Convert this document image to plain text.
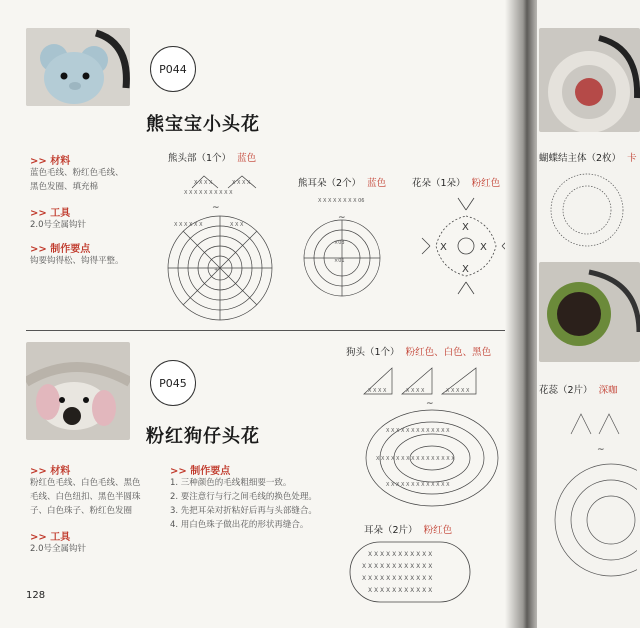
P044
熊宝宝小头花
>> 材料
蓝色毛线、粉红色毛线、
黑色发圈、填充棉
>> 工具
2.0号全属钩针
>> 制作要点
钩要钩得松、钩得平整。
熊头部（1个） 蓝色
熊耳朵（2个） 蓝色	花朵（1朵） 粉红色
~
X X X X	X X X X
X X X X X X X X X X
X X X X X X	X X X
+
X X X X X X X X 06
~
×03
×01
X	X
X
X
P045
粉红狗仔头花
>> 材料
粉红色毛线、白色毛线、黑色
毛线、白色纽扣、黑色半圆珠
子、白色珠子、粉红色发圈
>> 工具
2.0号全属钩针
>> 制作要点
1. 三种颜色的毛线粗细要一致。
2. 要注意行与行之间毛线的换色处理。
3. 先把耳朵对折粘好后再与头部缝合。
4. 用白色珠子做出花的形状再缝合。
狗头（1个） 粉红色、白色、黑色
~
X X X X	X X X X	X X X X X
X X X X X X X X X X X X X
X X X X X X X X X X X X X X X X
X X X X X X X X X X X X X
耳朵（2片） 粉红色
X X X X X X X X X X X
X X X X X X X X X X X X
X X X X X X X X X X X X
X X X X X X X X X X X
128
蝴蝶结主体（2枚） 卡
花蕊（2片） 深咖
~
